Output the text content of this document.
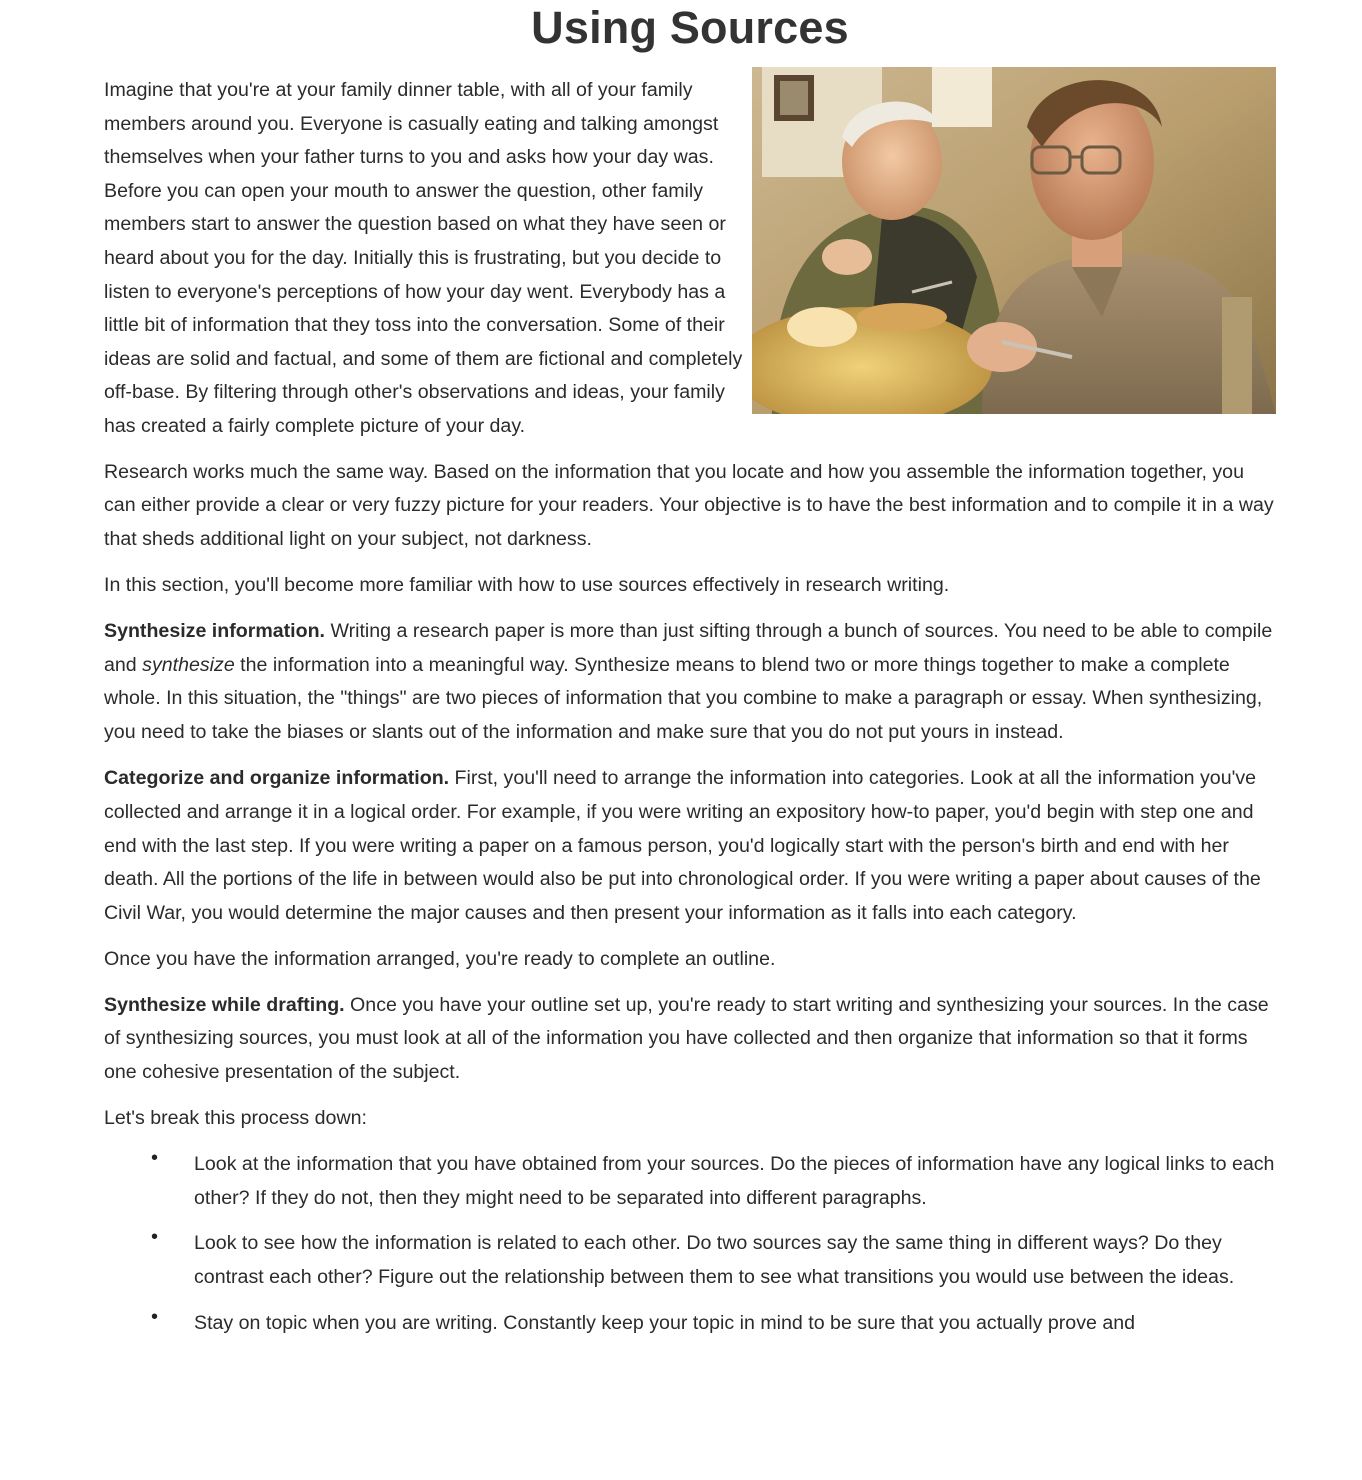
Using Sources

Imagine that you're at your family dinner table, with all of your family members around you. Everyone is casually eating and talking amongst themselves when your father turns to you and asks how your day was. Before you can open your mouth to answer the question, other family members start to answer the question based on what they have seen or heard about you for the day. Initially this is frustrating, but you decide to listen to everyone's perceptions of how your day went. Everybody has a little bit of information that they toss into the conversation. Some of their ideas are solid and factual, and some of them are fictional and completely off-base. By filtering through other's observations and ideas, your family has created a fairly complete picture of your day.

Research works much the same way. Based on the information that you locate and how you assemble the information together, you can either provide a clear or very fuzzy picture for your readers. Your objective is to have the best information and to compile it in a way that sheds additional light on your subject, not darkness.

In this section, you'll become more familiar with how to use sources effectively in research writing.

Synthesize information. Writing a research paper is more than just sifting through a bunch of sources. You need to be able to compile and synthesize the information into a meaningful way. Synthesize means to blend two or more things together to make a complete whole. In this situation, the "things" are two pieces of information that you combine to make a paragraph or essay. When synthesizing, you need to take the biases or slants out of the information and make sure that you do not put yours in instead.

Categorize and organize information. First, you'll need to arrange the information into categories. Look at all the information you've collected and arrange it in a logical order. For example, if you were writing an expository how-to paper, you'd begin with step one and end with the last step. If you were writing a paper on a famous person, you'd logically start with the person's birth and end with her death. All the portions of the life in between would also be put into chronological order. If you were writing a paper about causes of the Civil War, you would determine the major causes and then present your information as it falls into each category.

Once you have the information arranged, you're ready to complete an outline.

Synthesize while drafting. Once you have your outline set up, you're ready to start writing and synthesizing your sources. In the case of synthesizing sources, you must look at all of the information you have collected and then organize that information so that it forms one cohesive presentation of the subject.

Let's break this process down:

• Look at the information that you have obtained from your sources. Do the pieces of information have any logical links to each other? If they do not, then they might need to be separated into different paragraphs.
• Look to see how the information is related to each other. Do two sources say the same thing in different ways? Do they contrast each other? Figure out the relationship between them to see what transitions you would use between the ideas.
• Stay on topic when you are writing. Constantly keep your topic in mind to be sure that you actually prove and
